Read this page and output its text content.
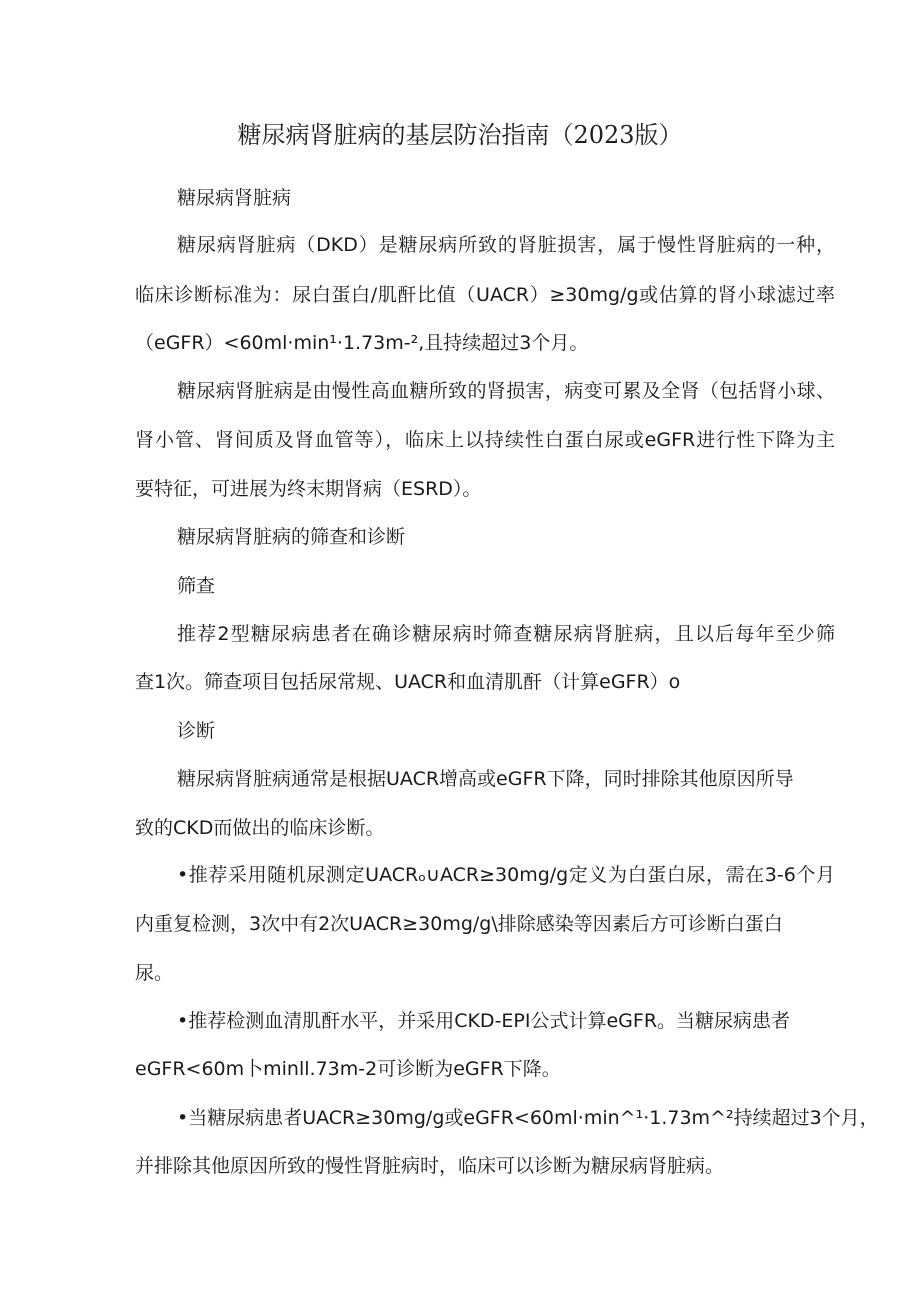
糖尿病肾脏病的基层防治指南（2023版）
糖尿病肾脏病
糖尿病肾脏病（DKD）是糖尿病所致的肾脏损害，属于慢性肾脏病的一种，
临床诊断标准为：尿白蛋白/肌酐比值（UACR）≥30mg/g或估算的肾小球滤过率
（eGFR）<60ml·min¹·1.73m-²,且持续超过3个月。
糖尿病肾脏病是由慢性高血糖所致的肾损害，病变可累及全肾（包括肾小球、
肾小管、肾间质及肾血管等），临床上以持续性白蛋白尿或eGFR进行性下降为主
要特征，可进展为终末期肾病（ESRD）。
糖尿病肾脏病的筛查和诊断
筛查
推荐2型糖尿病患者在确诊糖尿病时筛查糖尿病肾脏病，且以后每年至少筛
查1次。筛查项目包括尿常规、UACR和血清肌酐（计算eGFR）o
诊断
糖尿病肾脏病通常是根据UACR增高或eGFR下降，同时排除其他原因所导
致的CKD而做出的临床诊断。
•推荐采用随机尿测定UACRₒ∪ACR≥30mg/g定义为白蛋白尿，需在3-6个月
内重复检测，3次中有2次UACR≥30mg/g\排除感染等因素后方可诊断白蛋白
尿。
•推荐检测血清肌酐水平，并采用CKD-EPI公式计算eGFR。当糖尿病患者
eGFR<60m卜minll.73m-2可诊断为eGFR下降。
•当糖尿病患者UACR≥30mg/g或eGFR<60ml·min^¹·1.73m^²持续超过3个月，
并排除其他原因所致的慢性肾脏病时，临床可以诊断为糖尿病肾脏病。
